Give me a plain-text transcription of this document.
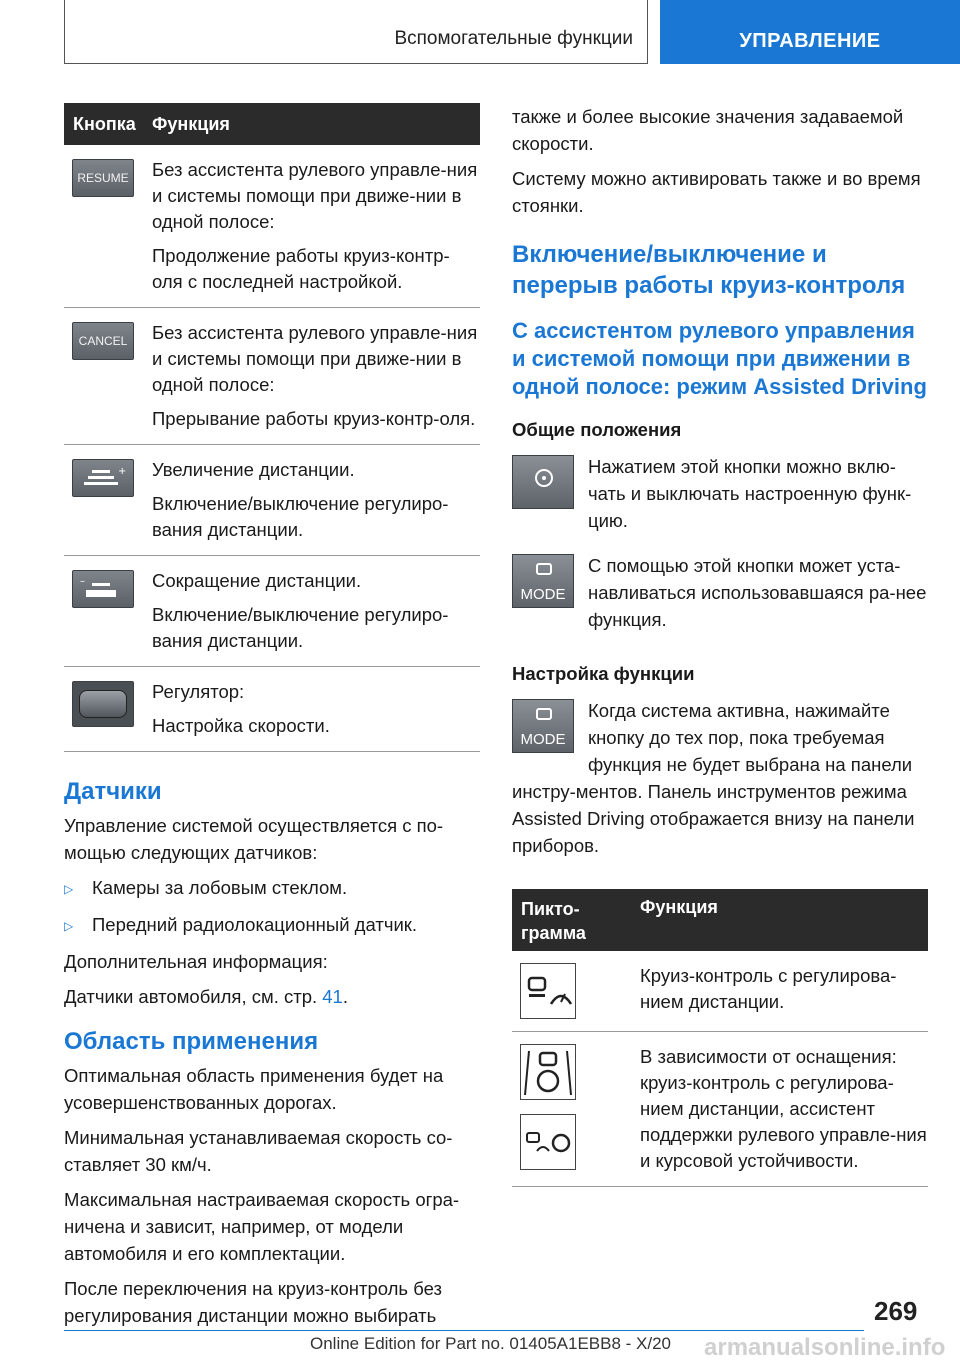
Вспомогательные функции	УПРАВЛЕНИЕ
Кнопка Функция
RESUME Без ассистента рулевого управле-ния и системы помощи при движе-нии в одной полосе:

Продолжение работы круиз-контр-оля с последней настройкой.

CANCEL	Без ассистента рулевого управле-ния и системы помощи при движе-нии в одной полосе:

Прерывание работы круиз-контр-оля.

+ Увеличение дистанции.

Включение/выключение регулиро-вания дистанции.

–	Сокращение дистанции.

Включение/выключение регулиро-вания дистанции.

Регулятор:

Настройка скорости.

Датчики

Управление системой осуществляется с по-мощью следующих датчиков:

▷	Камеры за лобовым стеклом.
▷	Передний радиолокационный датчик.

Дополнительная информация:

Датчики автомобиля, см. стр. 41.

Область применения

Оптимальная область применения будет на усовершенствованных дорогах.

Минимальная устанавливаемая скорость со-ставляет 30 км/ч.

Максимальная настраиваемая скорость огра-ничена и зависит, например, от модели автомобиля и его комплектации.

После переключения на круиз-контроль без регулирования дистанции можно выбирать

также и более высокие значения задаваемой скорости.

Систему можно активировать также и во время стоянки.

Включение/выключение и перерыв работы круиз-контроля
С ассистентом рулевого управления и системой помощи при движении в одной полосе: режим Assisted Driving
Общие положения

Нажатием этой кнопки можно вклю-чать и выключать настроенную функ-цию.

MODE

С помощью этой кнопки может уста-навливаться использовавшаяся ра-нее функция.

Настройка функции
MODE

Когда система активна, нажимайте кнопку до тех пор, пока требуемая функция не будет выбрана на панели инстру-ментов. Панель инструментов режима Assisted Driving отображается внизу на панели приборов.

Пикто-грамма
Функция
Круиз-контроль с регулирова-нием дистанции.
В зависимости от оснащения: круиз-контроль с регулирова-нием дистанции, ассистент поддержки рулевого управле-ния и курсовой устойчивости.
269
Online Edition for Part no. 01405A1EBB8 - X/20 armanualsonline.info
